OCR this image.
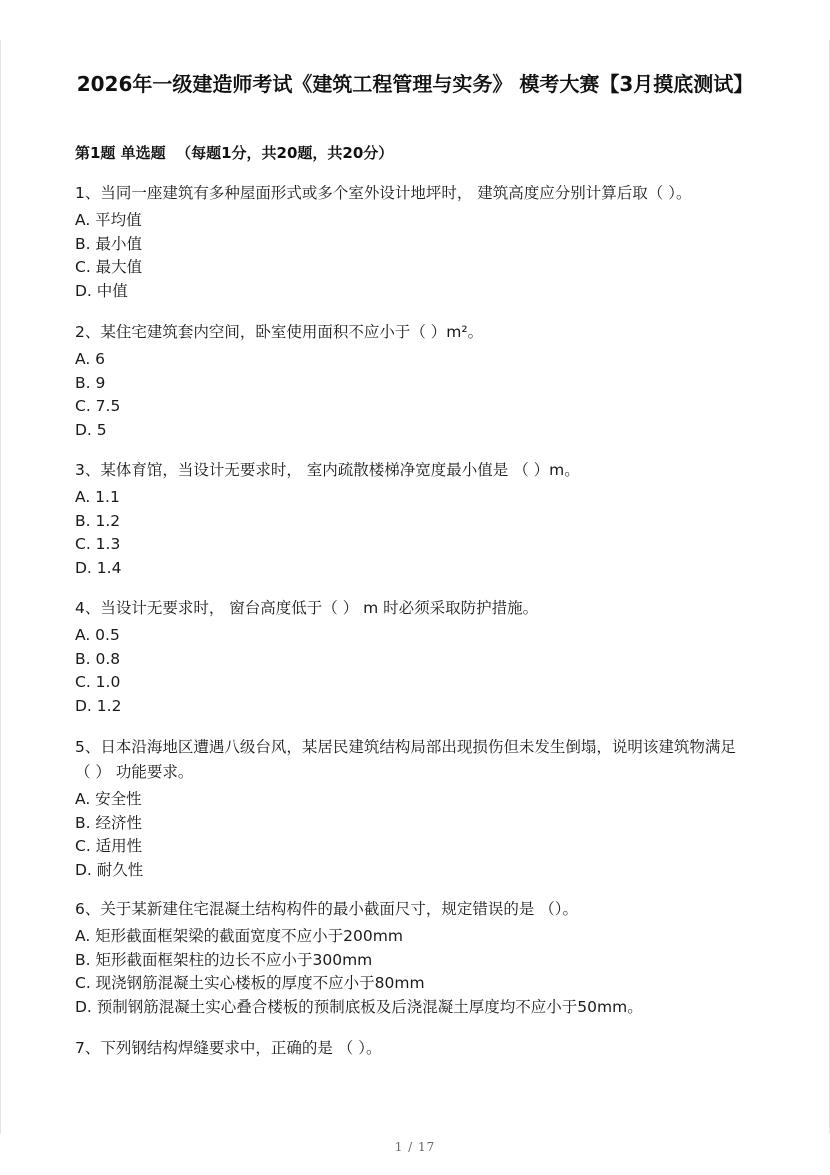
2026年一级建造师考试《建筑工程管理与实务》 模考大赛【3月摸底测试】
第1题 单选题  （每题1分，共20题，共20分）
1、当同一座建筑有多种屋面形式或多个室外设计地坪时， 建筑高度应分别计算后取（ ）。
A. 平均值
B. 最小值
C. 最大值
D. 中值
2、某住宅建筑套内空间，卧室使用面积不应小于（ ）m²。
A. 6
B. 9
C. 7.5
D. 5
3、某体育馆，当设计无要求时， 室内疏散楼梯净宽度最小值是 （ ）m。
A. 1.1
B. 1.2
C. 1.3
D. 1.4
4、当设计无要求时， 窗台高度低于（ ） m 时必须采取防护措施。
A. 0.5
B. 0.8
C. 1.0
D. 1.2
5、日本沿海地区遭遇八级台风，某居民建筑结构局部出现损伤但未发生倒塌，说明该建筑物满足 （ ） 功能要求。
A. 安全性
B. 经济性
C. 适用性
D. 耐久性
6、关于某新建住宅混凝土结构构件的最小截面尺寸，规定错误的是 （）。
A. 矩形截面框架梁的截面宽度不应小于200mm
B. 矩形截面框架柱的边长不应小于300mm
C. 现浇钢筋混凝土实心楼板的厚度不应小于80mm
D. 预制钢筋混凝土实心叠合楼板的预制底板及后浇混凝土厚度均不应小于50mm。
7、下列钢结构焊缝要求中，正确的是 （ ）。
1 / 17
